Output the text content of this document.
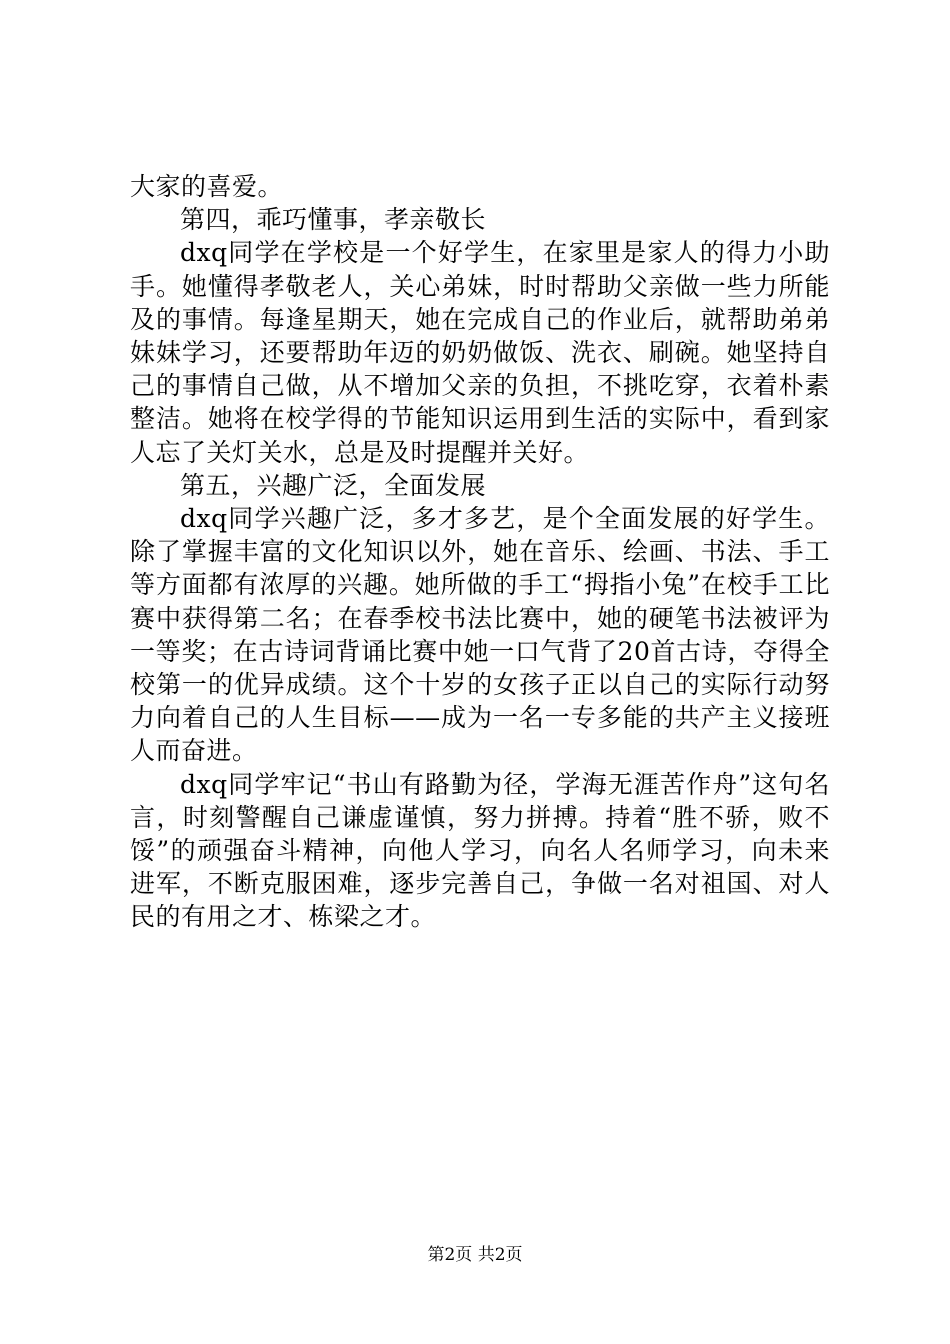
大家的喜爱。

第四，乖巧懂事，孝亲敬长

dxq同学在学校是一个好学生，在家里是家人的得力小助手。她懂得孝敬老人，关心弟妹，时时帮助父亲做一些力所能及的事情。每逢星期天，她在完成自己的作业后，就帮助弟弟妹妹学习，还要帮助年迈的奶奶做饭、洗衣、刷碗。她坚持自己的事情自己做，从不增加父亲的负担，不挑吃穿，衣着朴素整洁。她将在校学得的节能知识运用到生活的实际中，看到家人忘了关灯关水，总是及时提醒并关好。

第五，兴趣广泛，全面发展

dxq同学兴趣广泛，多才多艺，是个全面发展的好学生。除了掌握丰富的文化知识以外，她在音乐、绘画、书法、手工等方面都有浓厚的兴趣。她所做的手工“拇指小兔”在校手工比赛中获得第二名；在春季校书法比赛中，她的硬笔书法被评为一等奖；在古诗词背诵比赛中她一口气背了20首古诗，夺得全校第一的优异成绩。这个十岁的女孩子正以自己的实际行动努力向着自己的人生目标——成为一名一专多能的共产主义接班人而奋进。

dxq同学牢记“书山有路勤为径，学海无涯苦作舟”这句名言，时刻警醒自己谦虚谨慎，努力拼搏。持着“胜不骄，败不馁”的顽强奋斗精神，向他人学习，向名人名师学习，向未来进军，不断克服困难，逐步完善自己，争做一名对祖国、对人民的有用之才、栋梁之才。

第2页 共2页
